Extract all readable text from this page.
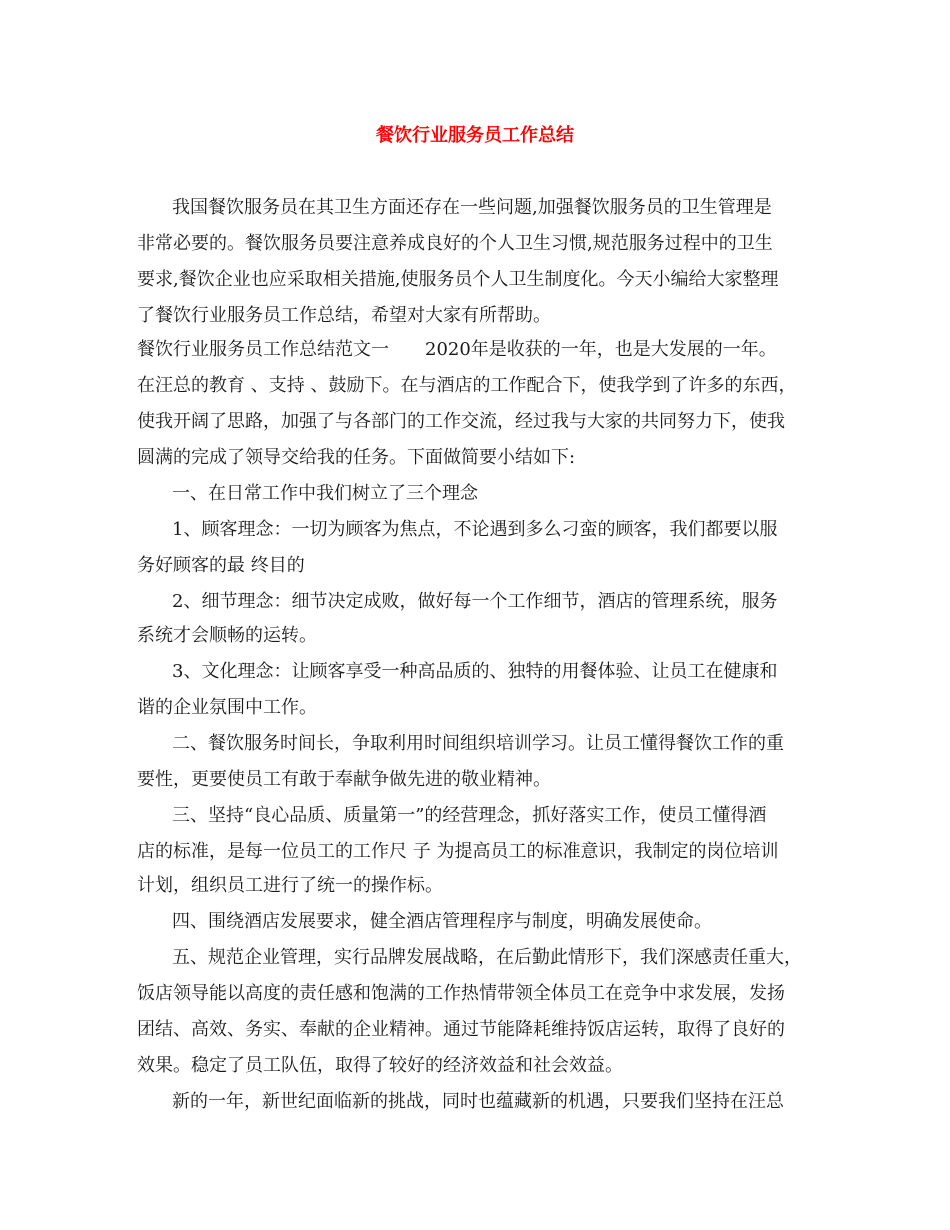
餐饮行业服务员工作总结

我国餐饮服务员在其卫生方面还存在一些问题,加强餐饮服务员的卫生管理是

非常必要的。餐饮服务员要注意养成良好的个人卫生习惯,规范服务过程中的卫生

要求,餐饮企业也应采取相关措施,使服务员个人卫生制度化。今天小编给大家整理

了餐饮行业服务员工作总结，希望对大家有所帮助。

餐饮行业服务员工作总结范文一　　2020年是收获的一年，也是大发展的一年。

在汪总的教育 、支持 、鼓励下。在与酒店的工作配合下，使我学到了许多的东西，

使我开阔了思路，加强了与各部门的工作交流，经过我与大家的共同努力下，使我

圆满的完成了领导交给我的任务。下面做简要小结如下:

一、在日常工作中我们树立了三个理念

1、顾客理念：一切为顾客为焦点，不论遇到多么刁蛮的顾客，我们都要以服

务好顾客的最 终目的

2、细节理念：细节决定成败，做好每一个工作细节，酒店的管理系统，服务

系统才会顺畅的运转。

3、文化理念：让顾客享受一种高品质的、独特的用餐体验、让员工在健康和

谐的企业氛围中工作。

二、餐饮服务时间长，争取利用时间组织培训学习。让员工懂得餐饮工作的重

要性，更要使员工有敢于奉献争做先进的敬业精神。

三、坚持“良心品质、质量第一”的经营理念，抓好落实工作，使员工懂得酒

店的标准，是每一位员工的工作尺 子 为提高员工的标准意识，我制定的岗位培训

计划，组织员工进行了统一的操作标。

四、围绕酒店发展要求，健全酒店管理程序与制度，明确发展使命。

五、规范企业管理，实行品牌发展战略，在后勤此情形下，我们深感责任重大，

饭店领导能以高度的责任感和饱满的工作热情带领全体员工在竞争中求发展，发扬

团结、高效、务实、奉献的企业精神。通过节能降耗维持饭店运转，取得了良好的

效果。稳定了员工队伍，取得了较好的经济效益和社会效益。

新的一年，新世纪面临新的挑战，同时也蕴藏新的机遇，只要我们坚持在汪总
